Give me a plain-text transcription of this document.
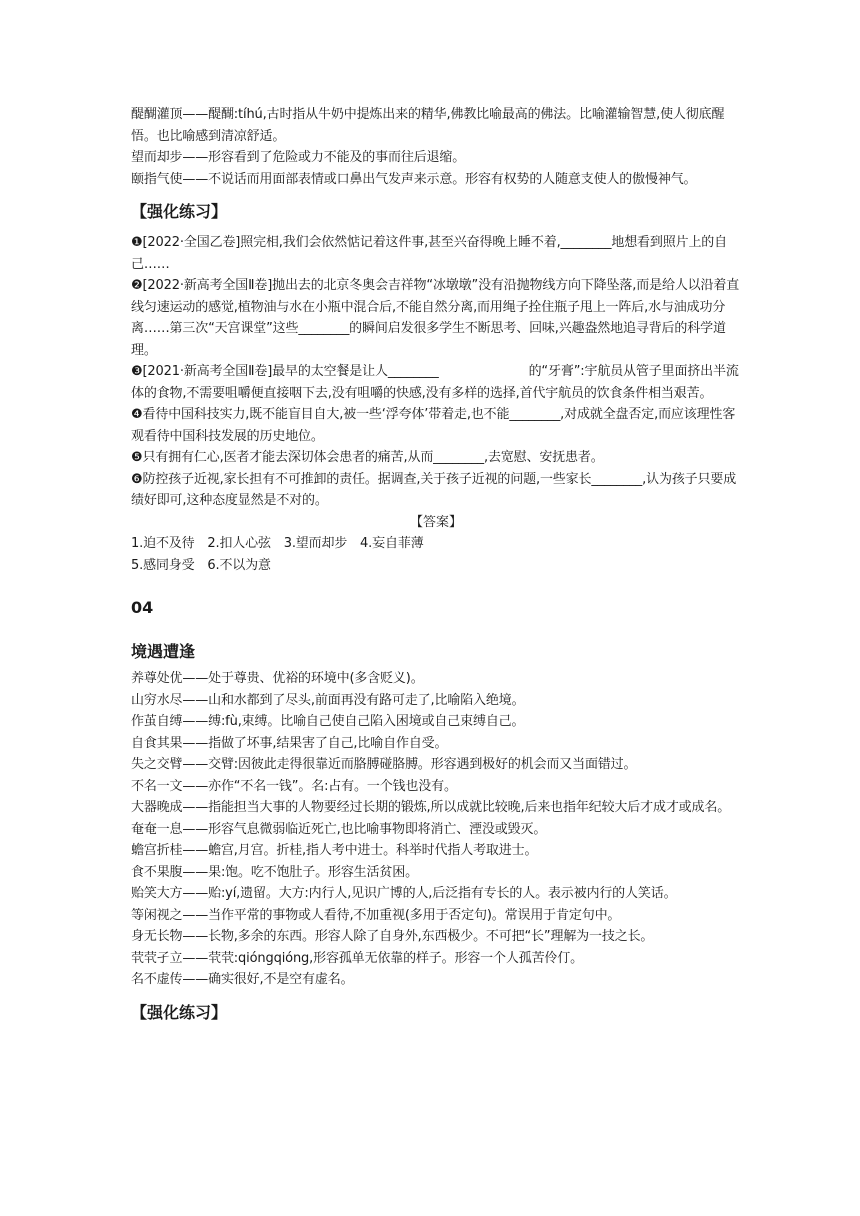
醍醐灌顶——醍醐:tíhú,古时指从牛奶中提炼出来的精华,佛教比喻最高的佛法。比喻灌输智慧,使人彻底醒悟。也比喻感到清凉舒适。

望而却步——形容看到了危险或力不能及的事而往后退缩。

颐指气使——不说话而用面部表情或口鼻出气发声来示意。形容有权势的人随意支使人的傲慢神气。

【强化练习】

❶[2022·全国乙卷]照完相,我们会依然惦记着这件事,甚至兴奋得晚上睡不着,________地想看到照片上的自己……

❷[2022·新高考全国Ⅱ卷]抛出去的北京冬奥会吉祥物“冰墩墩”没有沿抛物线方向下降坠落,而是给人以沿着直线匀速运动的感觉,植物油与水在小瓶中混合后,不能自然分离,而用绳子拴住瓶子甩上一阵后,水与油成功分离……第三次“天宫课堂”这些________的瞬间启发很多学生不断思考、回味,兴趣盎然地追寻背后的科学道理。

❸[2021·新高考全国Ⅱ卷]最早的太空餐是让人________　　　　　　　的“牙膏”:宇航员从管子里面挤出半流体的食物,不需要咀嚼便直接咽下去,没有咀嚼的快感,没有多样的选择,首代宇航员的饮食条件相当艰苦。

❹看待中国科技实力,既不能盲目自大,被一些‘浮夸体’带着走,也不能________,对成就全盘否定,而应该理性客观看待中国科技发展的历史地位。

❺只有拥有仁心,医者才能去深切体会患者的痛苦,从而________,去宽慰、安抚患者。

❻防控孩子近视,家长担有不可推卸的责任。据调查,关于孩子近视的问题,一些家长________,认为孩子只要成绩好即可,这种态度显然是不对的。

【答案】

1.迫不及待　2.扣人心弦　3.望而却步　4.妄自菲薄

5.感同身受　6.不以为意

04
境遇遭逢

养尊处优——处于尊贵、优裕的环境中(多含贬义)。

山穷水尽——山和水都到了尽头,前面再没有路可走了,比喻陷入绝境。

作茧自缚——缚:fù,束缚。比喻自己使自己陷入困境或自己束缚自己。

自食其果——指做了坏事,结果害了自己,比喻自作自受。

失之交臂——交臂:因彼此走得很靠近而胳膊碰胳膊。形容遇到极好的机会而又当面错过。

不名一文——亦作“不名一钱”。名:占有。一个钱也没有。

大器晚成——指能担当大事的人物要经过长期的锻炼,所以成就比较晚,后来也指年纪较大后才成才或成名。

奄奄一息——形容气息微弱临近死亡,也比喻事物即将消亡、湮没或毁灭。

蟾宫折桂——蟾宫,月宫。折桂,指人考中进士。科举时代指人考取进士。

食不果腹——果:饱。吃不饱肚子。形容生活贫困。

贻笑大方——贻:yí,遗留。大方:内行人,见识广博的人,后泛指有专长的人。表示被内行的人笑话。

等闲视之——当作平常的事物或人看待,不加重视(多用于否定句)。常误用于肯定句中。

身无长物——长物,多余的东西。形容人除了自身外,东西极少。不可把“长”理解为一技之长。

茕茕孑立——茕茕:qióngqióng,形容孤单无依靠的样子。形容一个人孤苦伶仃。

名不虚传——确实很好,不是空有虚名。

【强化练习】
